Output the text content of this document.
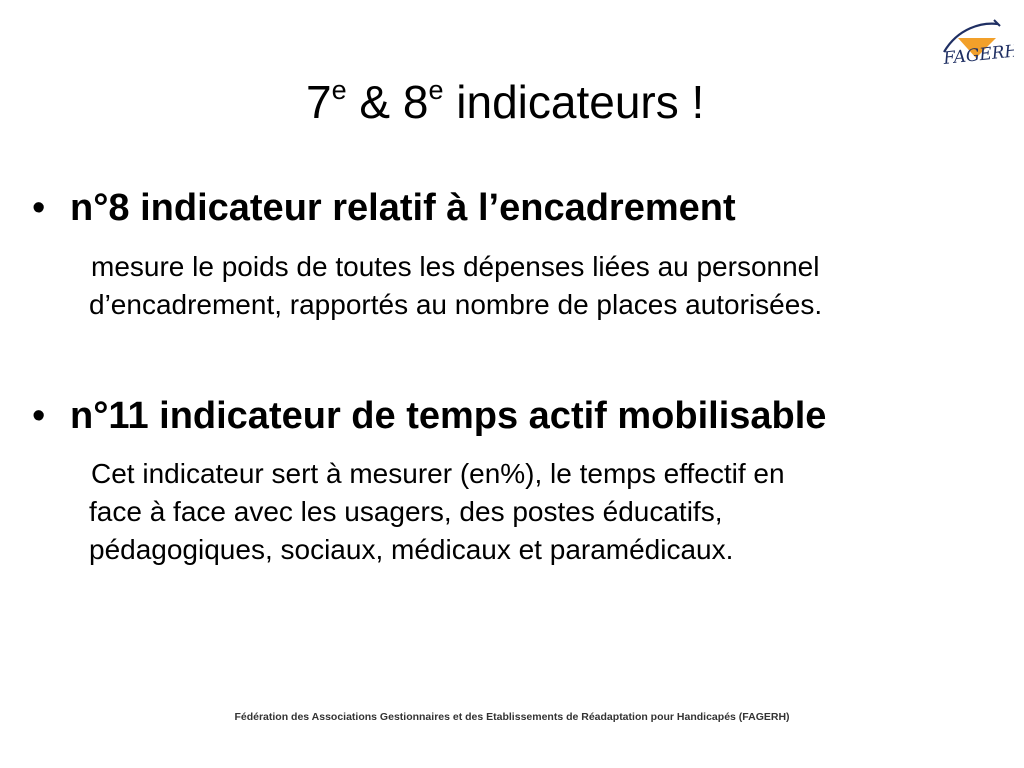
FAGERH
7e & 8e indicateurs !
• n°8 indicateur relatif à l’encadrement
mesure le poids de toutes les dépenses liées au personnel
d’encadrement, rapportés au nombre de places autorisées.
• n°11 indicateur de temps actif mobilisable
Cet indicateur sert à mesurer (en%), le temps effectif en
face à face avec les usagers, des postes éducatifs,
pédagogiques, sociaux, médicaux et paramédicaux.
Fédération des Associations Gestionnaires et des Etablissements de Réadaptation pour Handicapés (FAGERH)
